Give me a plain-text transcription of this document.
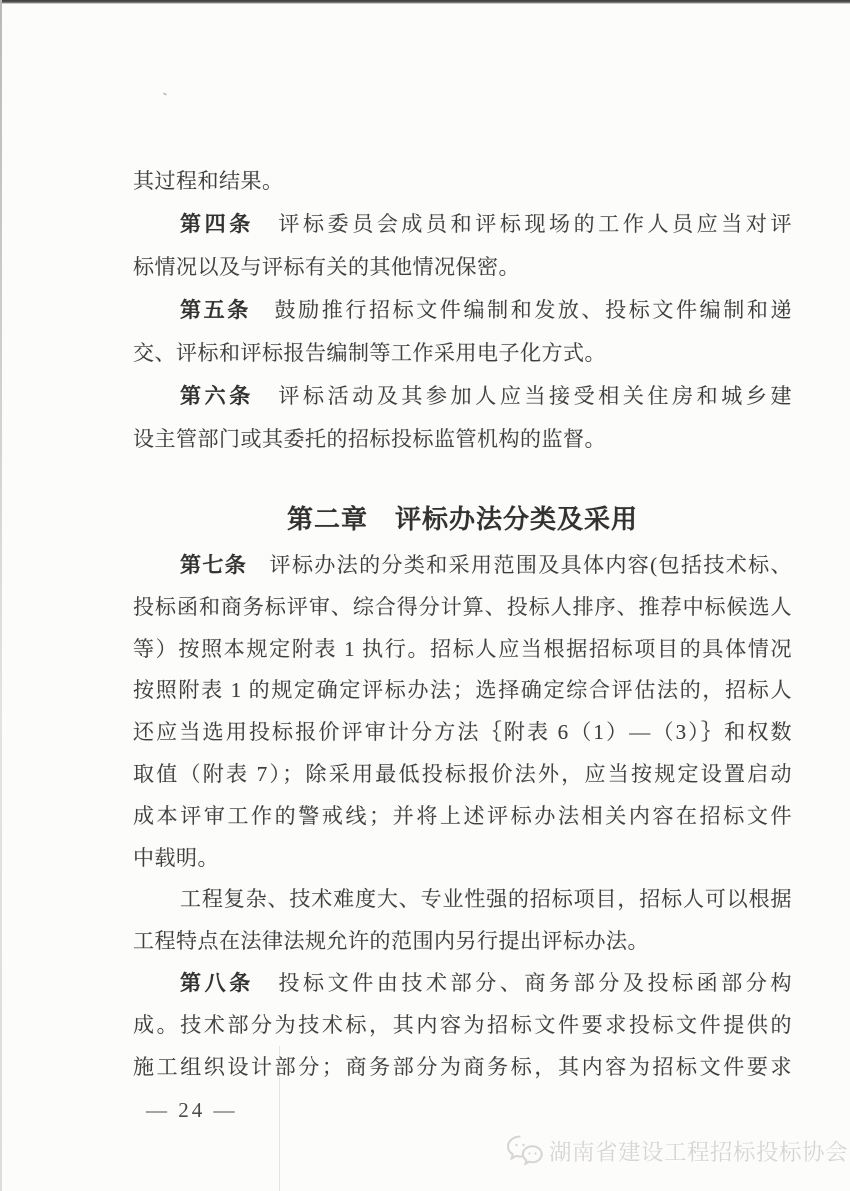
其过程和结果。
第四条　评标委员会成员和评标现场的工作人员应当对评
标情况以及与评标有关的其他情况保密。
第五条　鼓励推行招标文件编制和发放、投标文件编制和递
交、评标和评标报告编制等工作采用电子化方式。
第六条　评标活动及其参加人应当接受相关住房和城乡建
设主管部门或其委托的招标投标监管机构的监督。
第二章　评标办法分类及采用
第七条　评标办法的分类和采用范围及具体内容(包括技术标、
投标函和商务标评审、综合得分计算、投标人排序、推荐中标候选人
等）按照本规定附表 1 执行。招标人应当根据招标项目的具体情况
按照附表 1 的规定确定评标办法；选择确定综合评估法的，招标人
还应当选用投标报价评审计分方法｛附表 6（1）—（3）｝和权数
取值（附表 7）；除采用最低投标报价法外，应当按规定设置启动
成本评审工作的警戒线；并将上述评标办法相关内容在招标文件
中载明。
工程复杂、技术难度大、专业性强的招标项目，招标人可以根据
工程特点在法律法规允许的范围内另行提出评标办法。
第八条　投标文件由技术部分、商务部分及投标函部分构
成。技术部分为技术标，其内容为招标文件要求投标文件提供的
施工组织设计部分；商务部分为商务标，其内容为招标文件要求
— 24 —
湖南省建设工程招标投标协会
